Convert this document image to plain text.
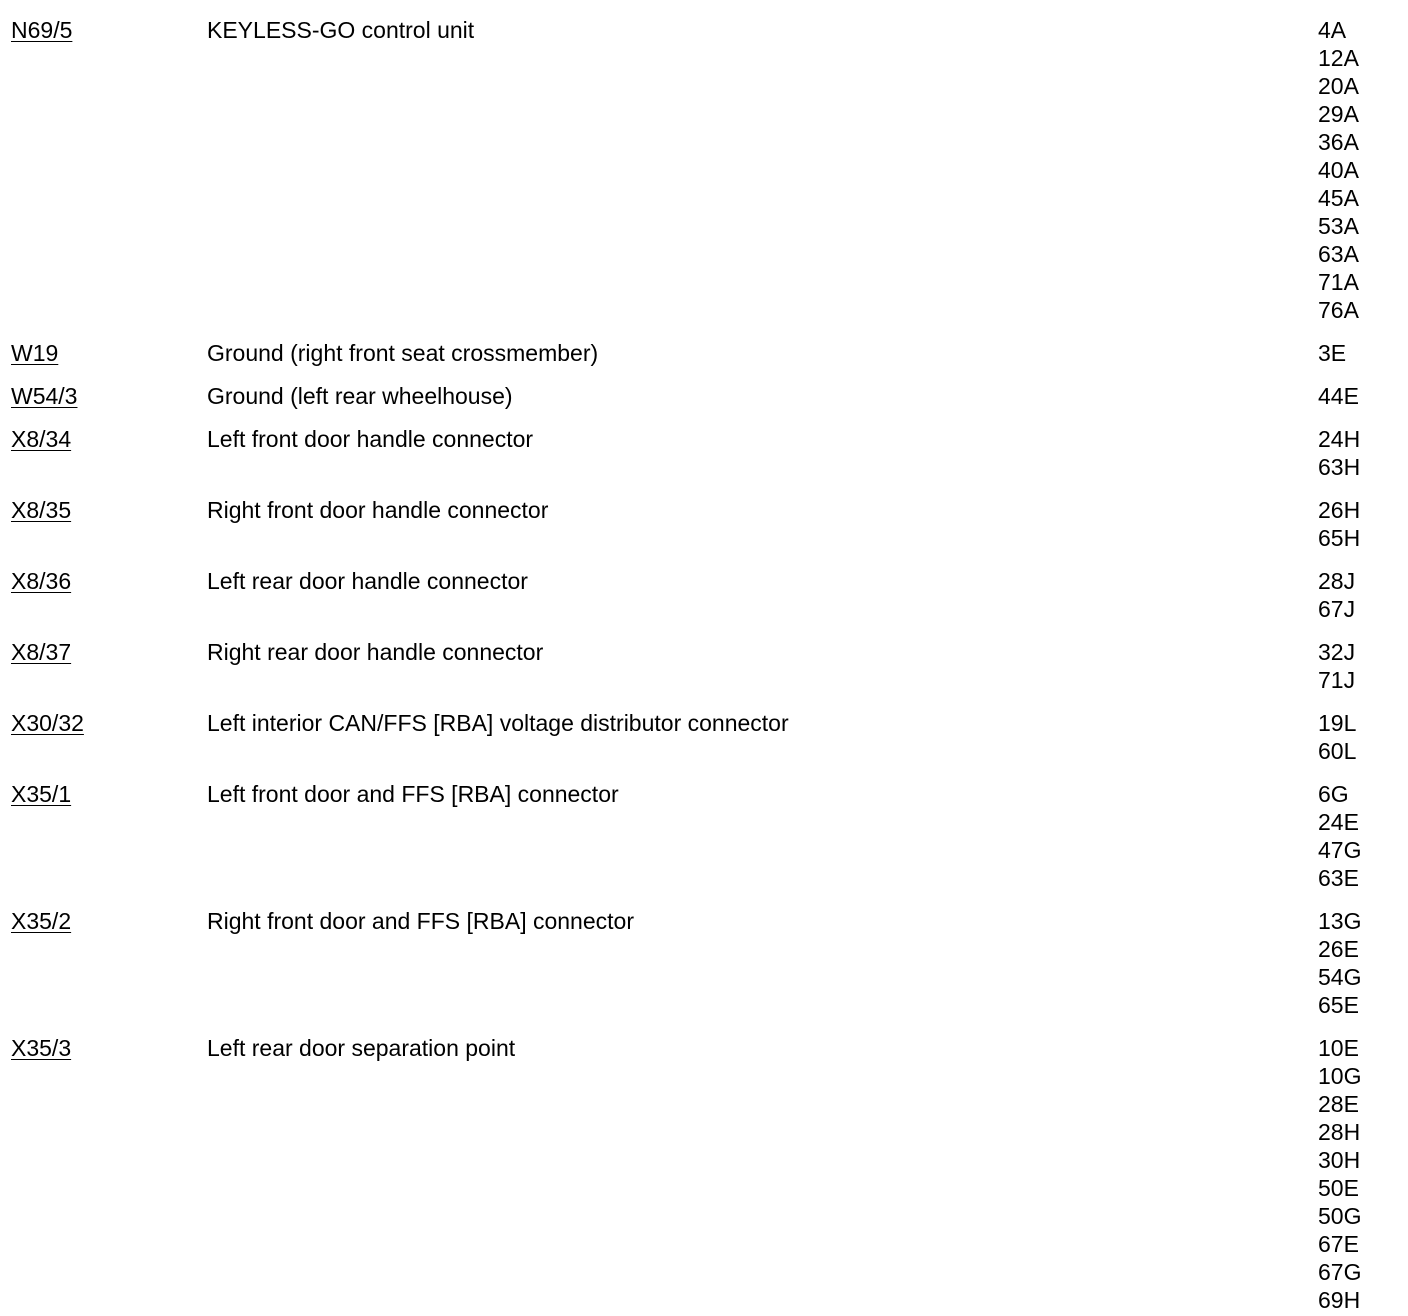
N69/5	KEYLESS-GO control unit	4A
12A
20A
29A
36A
40A
45A
53A
63A
71A
76A
W19	Ground (right front seat crossmember)	3E
W54/3	Ground (left rear wheelhouse)	44E
X8/34	Left front door handle connector	24H
63H
X8/35	Right front door handle connector	26H
65H
X8/36	Left rear door handle connector	28J
67J
X8/37	Right rear door handle connector	32J
71J
X30/32	Left interior CAN/FFS [RBA] voltage distributor connector	19L
60L
X35/1	Left front door and FFS [RBA] connector	6G
24E
47G
63E
X35/2	Right front door and FFS [RBA] connector	13G
26E
54G
65E
X35/3	Left rear door separation point	10E
10G
28E
28H
30H
50E
50G
67E
67G
69H
